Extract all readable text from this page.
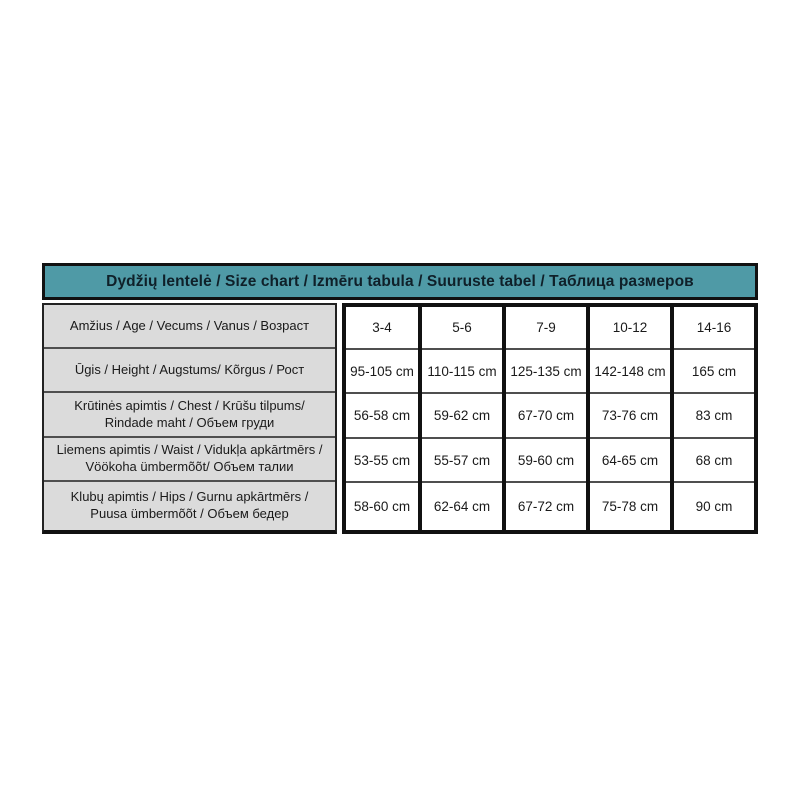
Dydžių lentelė / Size chart / Izmēru tabula / Suuruste tabel / Таблица размеров
Amžius / Age / Vecums / Vanus / Возраст
Ūgis / Height / Augstums/ Kõrgus / Рост
Krūtinės apimtis / Chest / Krūšu tilpums/ Rindade maht / Объем груди
Liemens apimtis / Waist / Vidukļa apkārtmērs / Vöökoha ümbermõõt/ Объем талии
Klubų apimtis / Hips / Gurnu apkārtmērs / Puusa ümbermõõt / Объем бедер
3-4
95-105 cm
56-58 cm
53-55 cm
58-60 cm
5-6
110-115 cm
59-62 cm
55-57 cm
62-64 cm
7-9
125-135 cm
67-70 cm
59-60 cm
67-72 cm
10-12
142-148 cm
73-76 cm
64-65 cm
75-78 cm
14-16
165 cm
83 cm
68 cm
90 cm
